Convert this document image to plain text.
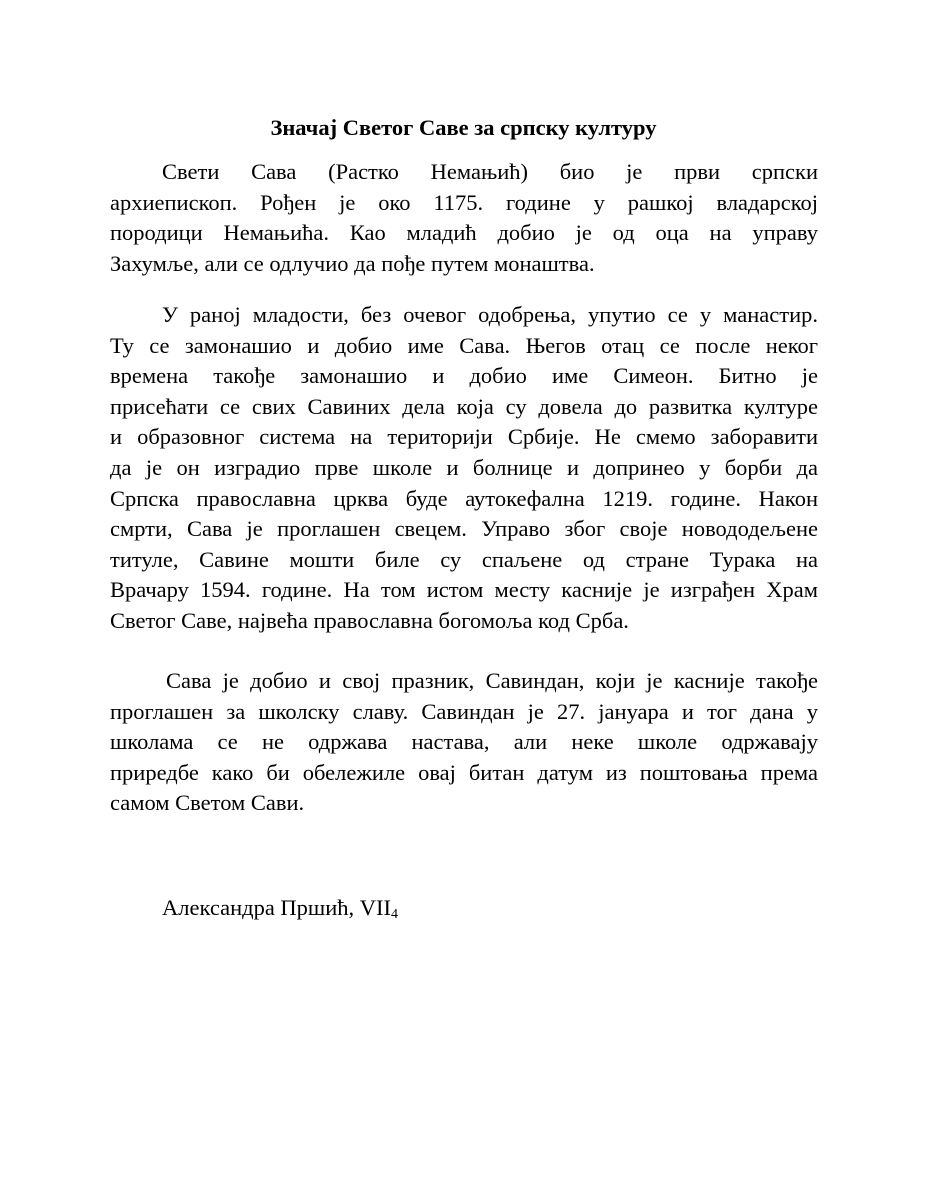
Значај Светог Саве за српску културу

Свети Сава (Растко Немањић) био је први српски
архиепископ. Рођен је око 1175. године у рашкој владарској
породици Немањића. Као младић добио је од оца на управу
Захумље, али се одлучио да пође путем монаштва.

У раној младости, без очевог одобрења, упутио се у манастир.
Ту се замонашио и добио име Сава. Његов отац се после неког
времена такође замонашио и добио име Симеон. Битно је
присећати се свих Савиних дела која су довела до развитка културе
и образовног система на територији Србије. Не смемо заборавити
да је он изградио прве школе и болнице и допринео у борби да
Српска православна црква буде аутокефална 1219. године. Након
смрти, Сава је проглашен свецем. Управо због своје новододељене
титуле, Савине мошти биле су спаљене од стране Турака на
Врачару 1594. године. На том истом месту касније је изграђен Храм
Светог Саве, највећа православна богомоља код Срба.

Сава је добио и свој празник, Савиндан, који је касније такође
проглашен за школску славу. Савиндан је 27. јануара и тог дана у
школама се не одржава настава, али неке школе одржавају
приредбе како би обележиле овај битан датум из поштовања према
самом Светом Сави.

Александра Пршић, $VII_4$
